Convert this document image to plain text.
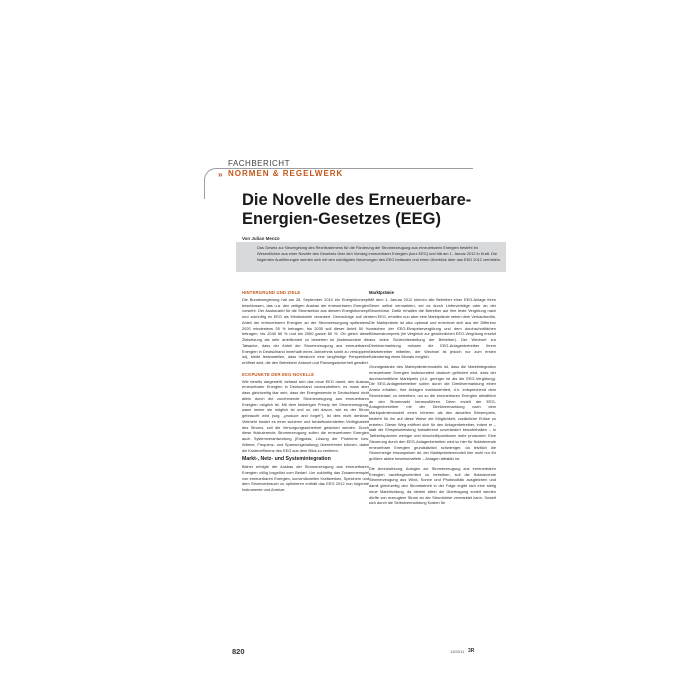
FACHBERICHT
» NORMEN & REGELWERK
Die Novelle des Erneuerbare-
Energien-Gesetzes (EEG)
Von Julian Menzo
Das Gesetz zur Neuregelung des Rechtsrahmens für die Förderung der Stromerzeugung aus erneuerbaren Energien besteht im Wesentlichen aus einer Novelle des Gesetzes über den Vorrang erneuerbarer Energien (kurz EEG) und tritt am 1. Januar 2012 in Kraft. Die folgenden Ausführungen werden sich mit den wichtigsten Neuerungen des EEG befassen und einen Überblick über das EEG 2012 vermitteln.
HINTERGRUND UND ZIELE
Die Bundesregierung hat am 28. September 2010 ein Energiekonzept beschlossen, das u.a. den zeitigen Ausbau der erneuerbaren Energien vorsieht. Der Ausbauziel für die Stromsektor aus diesem Energiekonzept und zukünftig im EEG als Mindestziele verankert. Demzufolge soll der Anteil der erneuerbaren Energien an der Stromversorgung spätestens 2020 mindestens 35 % betragen, bis 2030 soll dieser Anteil 50 % betragen, bis 2040 65 % und bis 2050 ganze 80 %. Ob gleich diese Zielsetzung als sehr ambitioniert zu bewerten ist (insbesondere die Tatsache, dass der Anteil der Stromerzeugung aus erneuerbaren Energien in Deutschland innerhalb eines Jahrzehnts somit zu verdoppeln ist), bleibt festzustellen, dass hierdurch eine langfristige Perspektive eröffnet wird, die den Betreibern Antwort und Planungssicherheit gewährt.
ECKPUNKTE DER EEG-NOVELLE
Wie bereits dargestellt, befasst sich das neue EEG damit, den Ausbau erneuerbarer Energien in Deutschland voranzutreiben, es muss aber dass gleichzeitig klar sein, dass der Energiewende in Deutschland nicht allein durch die zunehmende Stromerzeugung aus erneuerbaren Energien möglich ist. Mit dem bisherigen Prinzip der Stromerzeugung, wann immer sie möglich ist und so viel davon, wie es der Strom gebraucht wird (sog. „produce and forget"), ist dies nicht denkbar. Vielmehr bedarf es einer sicheren und bedarfsorientierten Verfügbarkeit des Stroms, soll die Versorgungssicherheit gesichert werden. Durch diese fluktuierende Stromerzeugung sollen die erneuerbaren Energien auch Systemverantwortung (Engpass, Lösung der Probleme bzw. Wärme, Frequenz- und Spannungshaltung) übernehmen können, dabei die Kosteneffizienz des EEG aus dem Blick zu verlieren.
Markt-, Netz- und Systemintegration
Bisher erfolgte der Ausbau der Stromerzeugung aus erneuerbaren Energien völlig losgelöst vom Bedarf. Um zukünftig das Zusammenspiel von erneuerbaren Energien, konventionellen Kraftwerken, Speichern und dem Stromverbrauch zu optimieren enthält das EEG 2012 nun folgende Instrumente und Anreize:
Marktprämie
Mit dem 1. Januar 2012 können alle Betreiber einer EEG-Anlage ihren Strom selbst vermarkten, sei es durch Lieferverträge oder an der Strombörse. Dafür erhalten die Betreiber auf ihre feste Vergütung nach dem EEG, erhalten nun aber eine Marktprämie neben dem Verkaufserlös. Die Marktprämie ist also optional und errechnet sich aus der Differenz zwischen der EEG-Einspeisevergütung und dem durchschnittlichen Börsenstrompreis (im Vergleich zur gewöhnlichen EEG-Vergütung ersetzt aus keine Schlechterstellung der Betreiber). Der Wechsel zur Direktvermarktung müssen die EEG-Anlagenbetreiber ihrem Netzbetreiber mitteilen, der Wechsel ist jedoch nur zum ersten Kalendertag eines Monats möglich.
Grundgedanke des Marktprämienmodells ist, dass die Marktintegration erneuerbarer Energien insbesondere dadurch gefördert wird, dass der durchschnittliche Marktpreis (d.h. geringer ist als die EEG-Vergütung). Die EEG-Anlagenbetreiber sollen durch die Direktvermarktung einen Anreiz erhalten, ihre Anlagen marktorientiert, d.h. entsprechend dem Strombedarf, zu betreiben, um so die erneuerbaren Energien allmählich an den Strommarkt heranzuführen. Denn erzielt der EEG-Anlagenbetreiber mit der Direktvermarktung nach dem Marktprämienmodell einen höheren als den aktuellen Börsenpreis, besteht für ihn auf diese Weise die Möglichkeit, zusätzliche Erlöse zu erzielen. Dieser Weg eröffnet sich für den Anlagenbetreiber, indem er – statt die Einspeiseleistung fortwährend unverändert beizubehalten – in Tarifzeitspannen weniger und einschnittpositionen mehr produziert. Eine Steuerung durch den EEG-Anlagenbetreiber wird so hier für fluktuierende erneuerbare Energien grundsätzlich schwieriger, da letztlich die Strommenge einzuspeisen ist, der Marktprämienmodell hier wohl nur für größere aktive bewirtschaftete – Anlagen attraktiv ist.
Die Anreizwirkung, Anlagen zur Stromerzeugung aus erneuerbaren Energien nachfrageorientiert zu betreiben, soll die fluktuierende Stromerzeugung aus Wind, Sonne und Photovoltaik ausgleichen und damit gleichzeitig den Strombetrieb in der Folge ergibt sich eine stetig neue Marktrichtung, da hierbei allein die Übertragung erzielt werden dürfte von erzeugtem Strom an der Strombörse vermarktet kann. Soweit sich durch die Selbstvermarktung Kosten für
820	13/2011 3R
